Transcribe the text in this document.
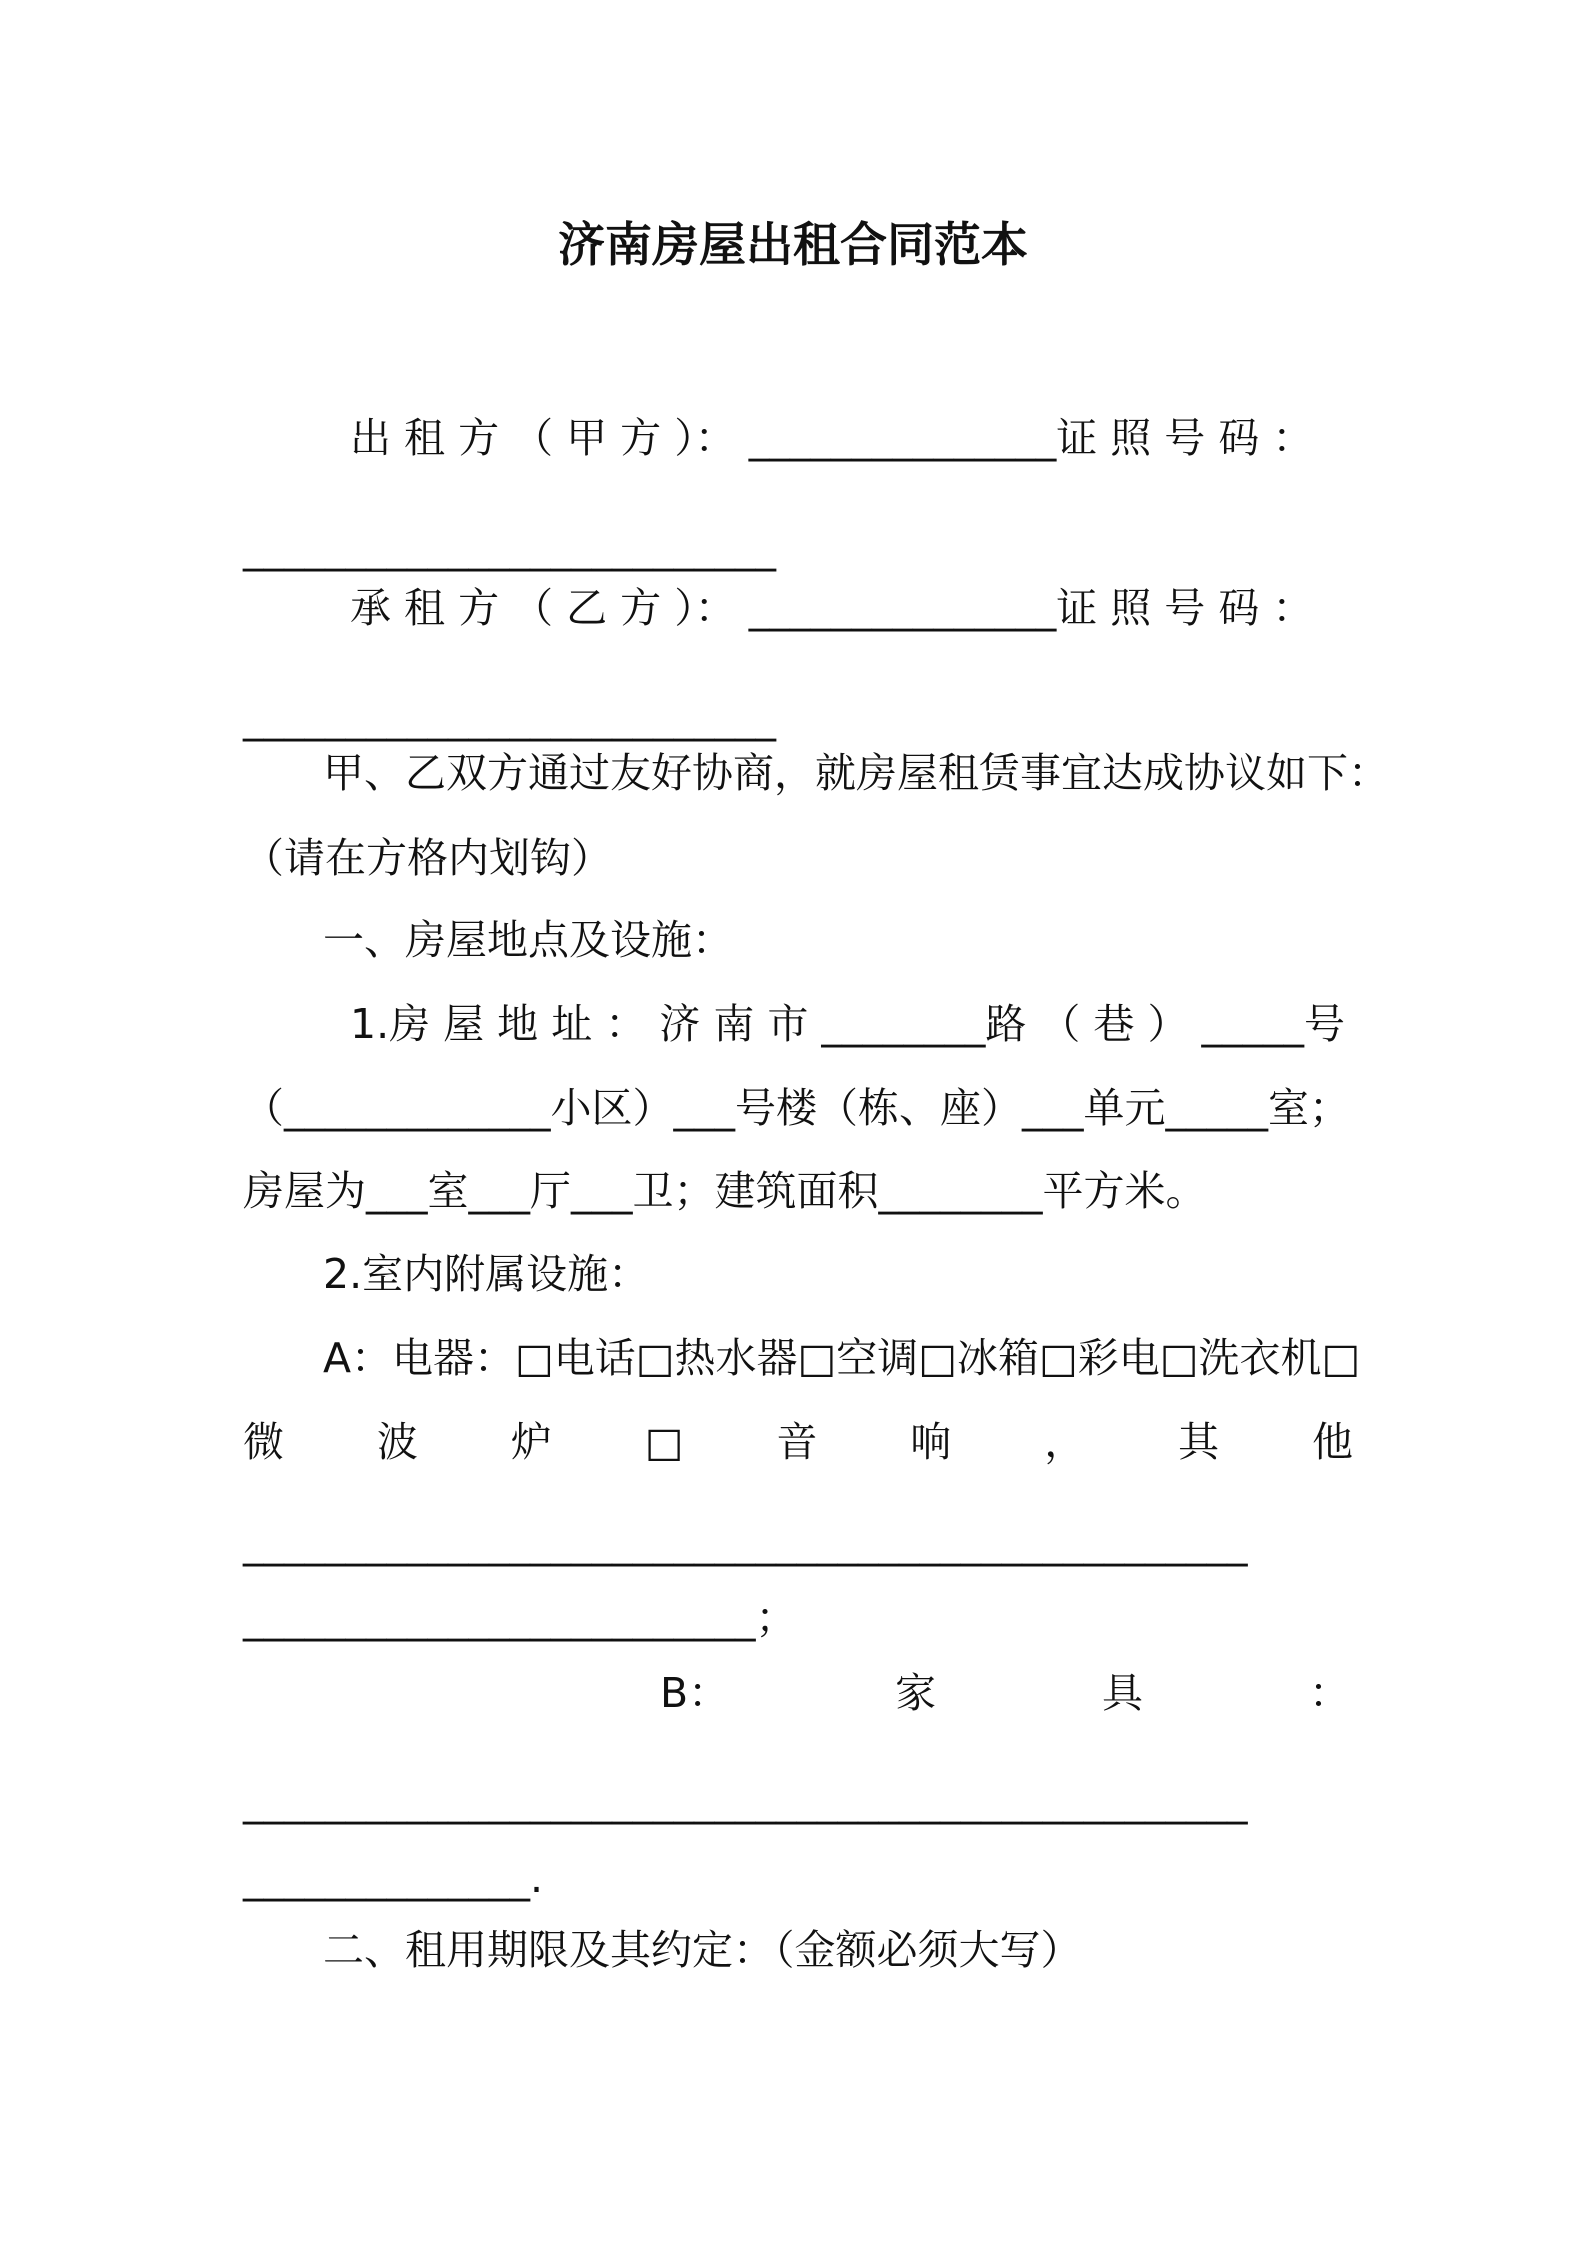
济南房屋出租合同范本
出 租 方 （ 甲 方 ）： _______________证 照 号 码 ：
__________________________
承 租 方 （ 乙 方 ）： _______________证 照 号 码 ：
__________________________
甲、乙双方通过友好协商，就房屋租赁事宜达成协议如下：
（请在方格内划钩）
一、房屋地点及设施：
1.房 屋 地 址 ： 济 南 市 ________路 （ 巷 ） _____号
（_____________小区）___号楼（栋、座）___单元_____室；
房屋为___室___厅___卫；建筑面积________平方米。
2.室内附属设施：
A：电器：□电话□热水器□空调□冰箱□彩电□洗衣机□
微 波 炉 □ 音 响 ， 其 他
_________________________________________________
_________________________；
B：	家	具	：
_________________________________________________
______________.
二、租用期限及其约定：（金额必须大写）
